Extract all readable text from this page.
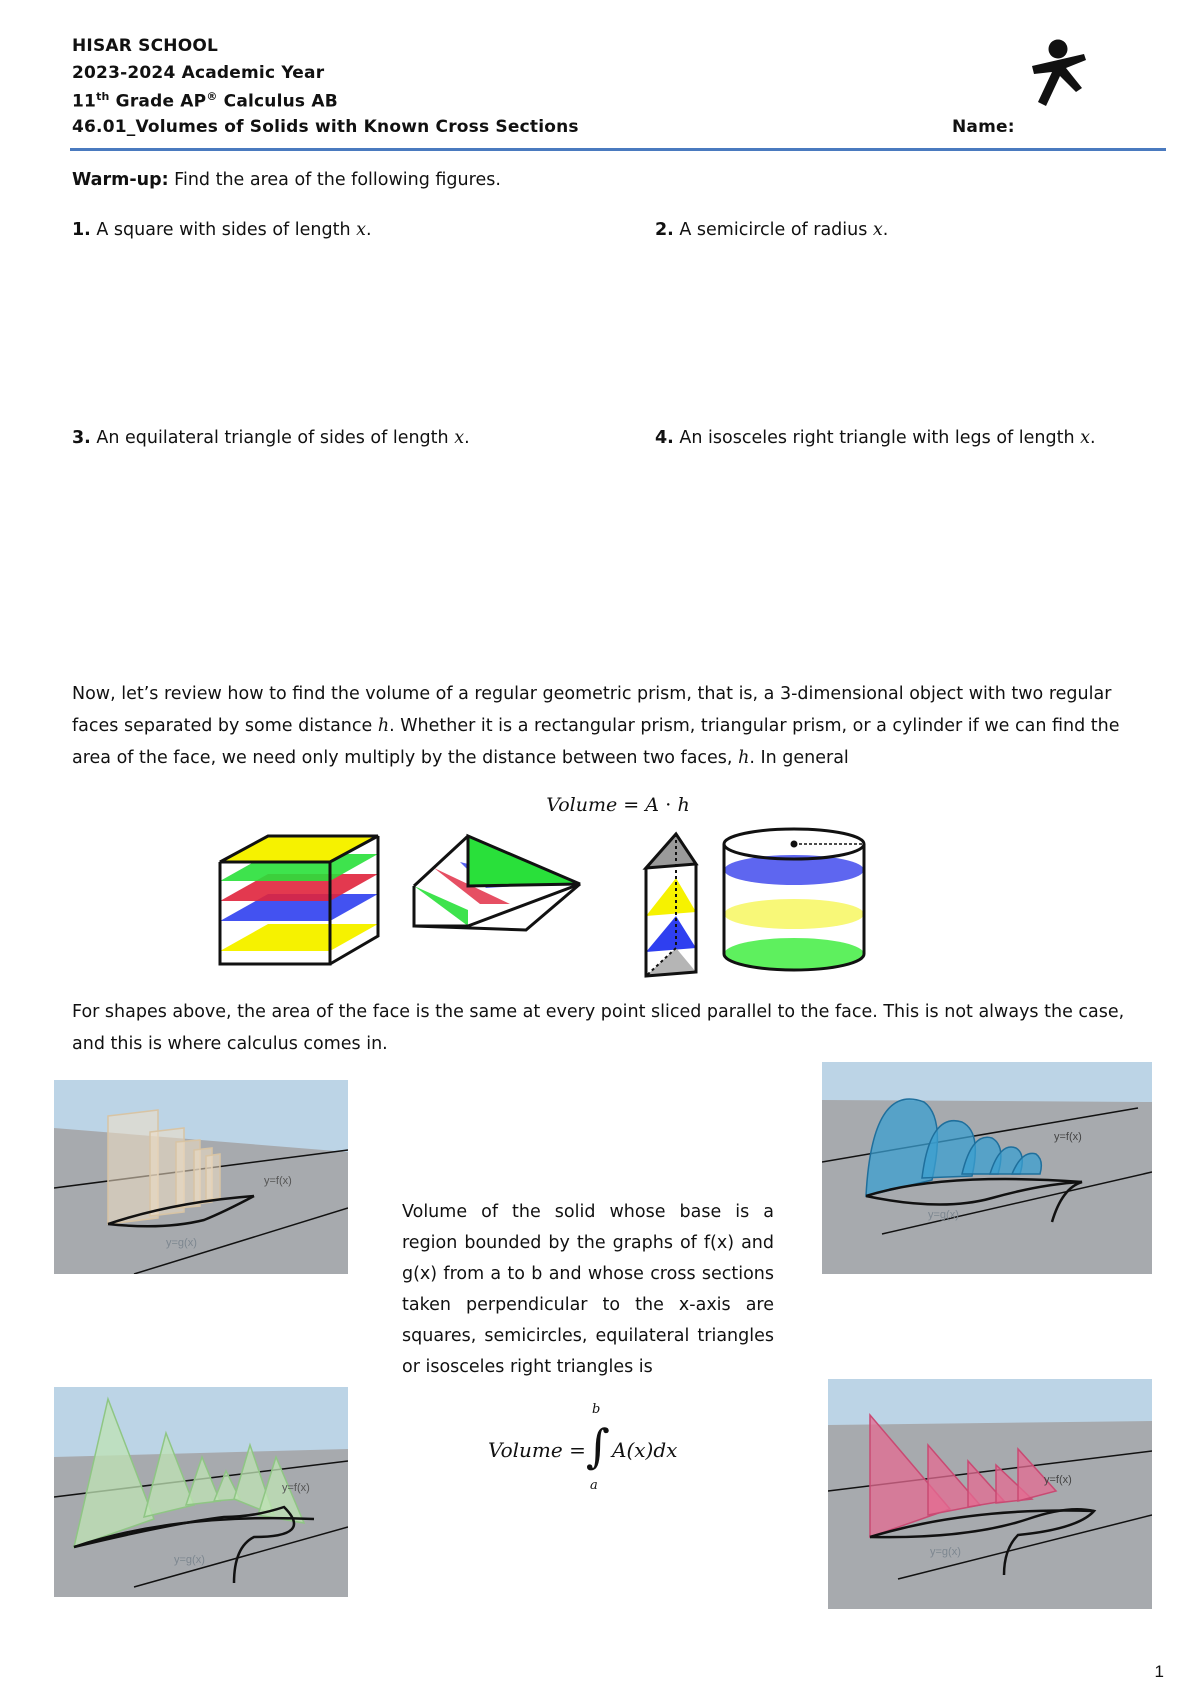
HISAR SCHOOL
2023-2024 Academic Year
11th Grade AP® Calculus AB
46.01_Volumes of Solids with Known Cross Sections	Name:
Warm-up: Find the area of the following figures.
1. A square with sides of length x.	2. A semicircle of radius x.
3. An equilateral triangle of sides of length x.	4. An isosceles right triangle with legs of length x.
Now, let’s review how to find the volume of a regular geometric prism, that is, a 3-dimensional object with two regular
faces separated by some distance h. Whether it is a rectangular prism, triangular prism, or a cylinder if we can find the
area of the face, we need only multiply by the distance between two faces, h. In general
Volume = A ⋅ h
For shapes above, the area of the face is the same at every point sliced parallel to the face. This is not always the case,
and this is where calculus comes in.
y=f(x)
y=g(x)
y=f(x)
y=g(x)
y=f(x)
y=g(x)
y=f(x)
y=g(x)
Volume of the solid whose base is a region bounded by the graphs of f(x) and g(x) from a to b and whose cross sections taken perpendicular to the x-axis are squares, semicircles, equilateral triangles or isosceles right triangles is
Volume =
b
∫
a
A(x)dx
1
